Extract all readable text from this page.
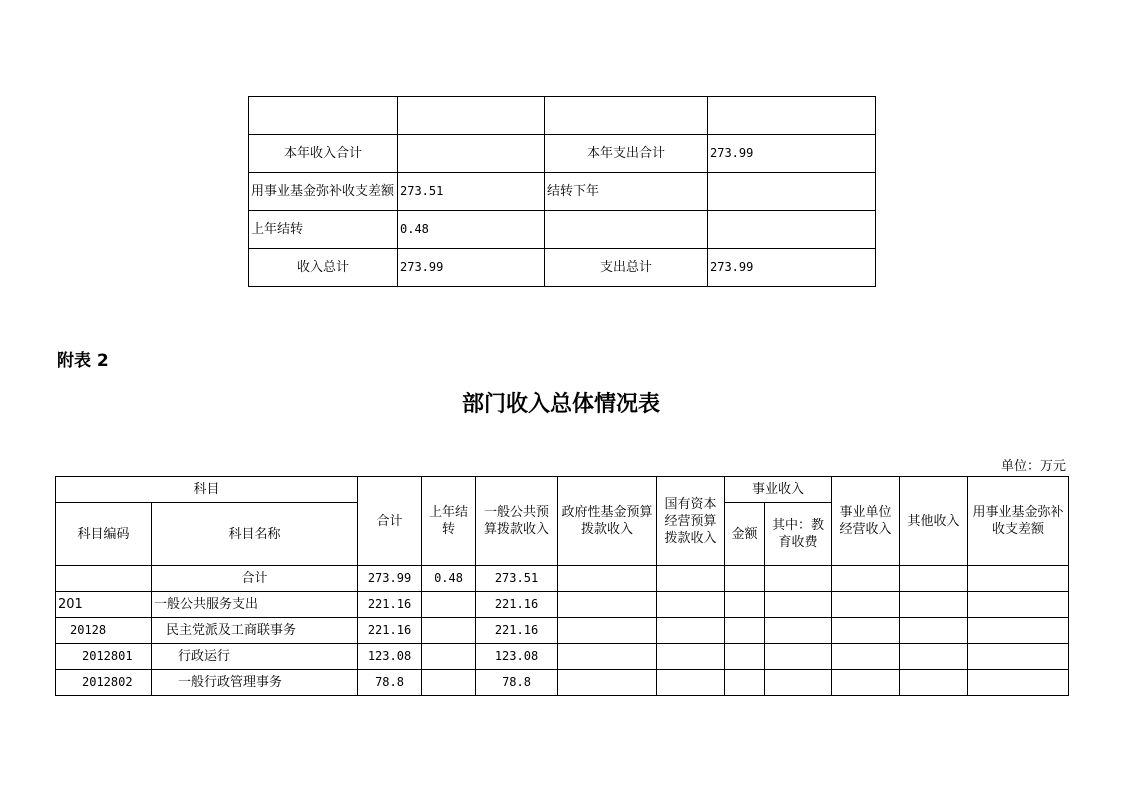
本年收入合计		本年支出合计	273.99
用事业基金弥补收支差额	273.51	结转下年	
上年结转	0.48		
收入总计	273.99	支出总计	273.99
附表 2
部门收入总体情况表
单位：万元
科目		合计	上年结转	一般公共预算拨款收入	政府性基金预算拨款收入	国有资本经营预算拨款收入	事业收入		事业单位经营收入	其他收入	用事业基金弥补收支差额
科目编码	科目名称						金额	其中：教育收费			
	合计	273.99	0.48	273.51							
201	一般公共服务支出	221.16		221.16							
20128	民主党派及工商联事务	221.16		221.16							
2012801	行政运行	123.08		123.08							
2012802	一般行政管理事务	78.8		78.8							
